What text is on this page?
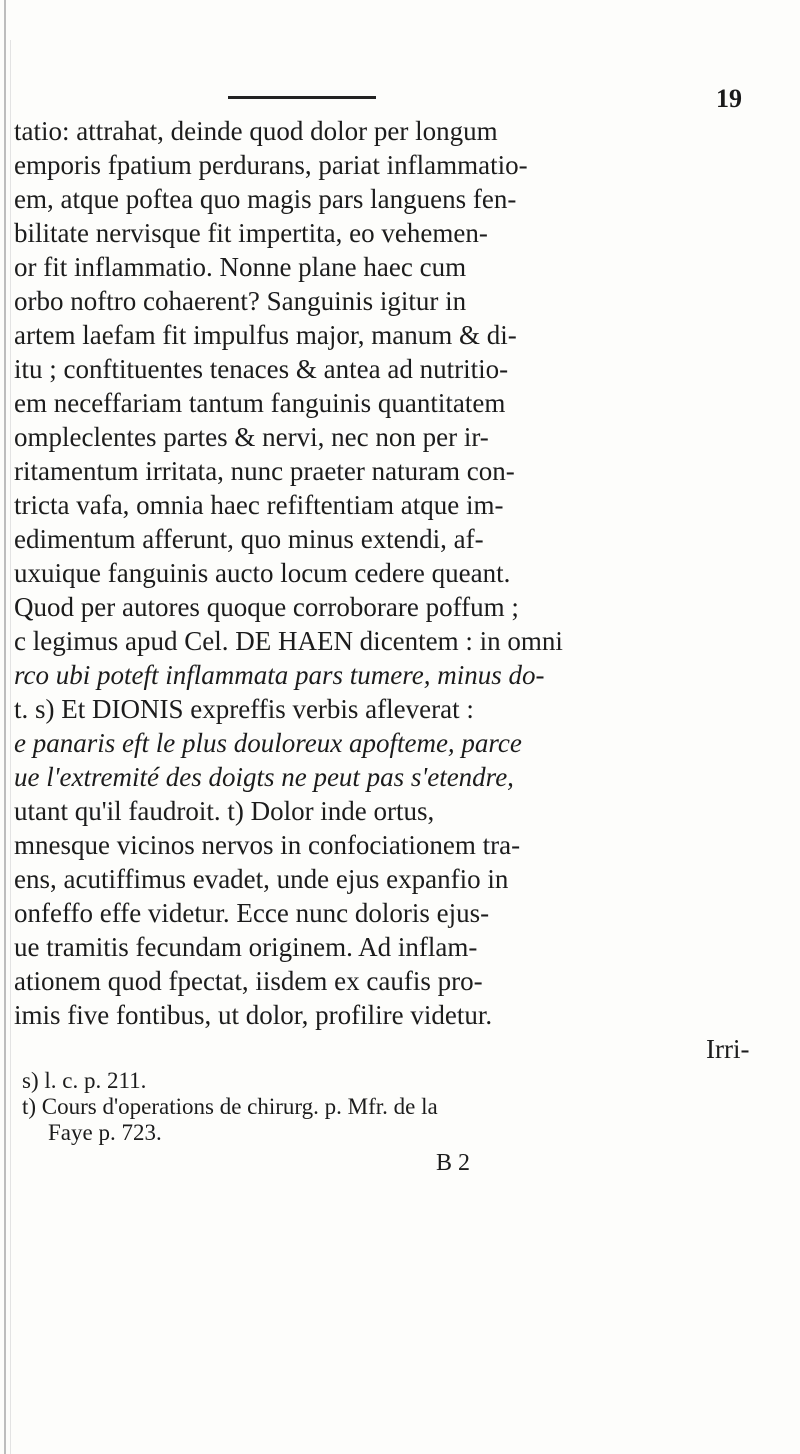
19
tatio: attrahat, deinde quod dolor per longum
emporis fpatium perdurans, pariat inflammatio-
em, atque poftea quo magis pars languens fen-
bilitate nervisque fit impertita, eo vehemen-
or fit inflammatio. Nonne plane haec cum
orbo noftro cohaerent? Sanguinis igitur in
artem laefam fit impulfus major, manum & di-
itu ; conftituentes tenaces & antea ad nutritio-
em neceffariam tantum fanguinis quantitatem
ompleclentes partes & nervi, nec non per ir-
ritamentum irritata, nunc praeter naturam con-
tricta vafa, omnia haec refiftentiam atque im-
edimentum afferunt, quo minus extendi, af-
uxuique fanguinis aucto locum cedere queant.
Quod per autores quoque corroborare poffum ;
c legimus apud Cel. DE HAEN dicentem : in omni
rco ubi poteft inflammata pars tumere, minus do-
t. s) Et DIONIS expreffis verbis afleverat :
e panaris eft le plus douloreux apofteme, parce
ue l'extremité des doigts ne peut pas s'etendre,
utant qu'il faudroit. t) Dolor inde ortus,
mnesque vicinos nervos in confociationem tra-
ens, acutiffimus evadet, unde ejus expanfio in
onfeffo effe videtur. Ecce nunc doloris ejus-
ue tramitis fecundam originem. Ad inflam-
ationem quod fpectat, iisdem ex caufis pro-
imis five fontibus, ut dolor, profilire videtur.
Irri-
s) l. c. p. 211.
t) Cours d'operations de chirurg. p. Mfr. de la
Faye p. 723.
B 2
